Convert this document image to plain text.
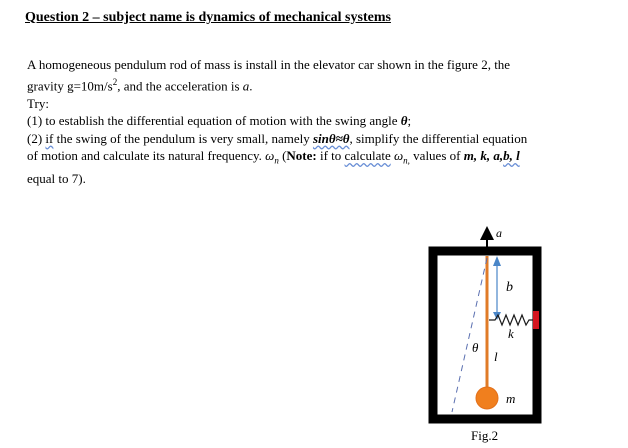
Question 2 – subject name is dynamics of mechanical systems

A homogeneous pendulum rod of mass is install in the elevator car shown in the figure 2, the

gravity $g=10m/s^2$, and the acceleration is a.

Try:

(1) to establish the differential equation of motion with the swing angle θ;

(2) if the swing of the pendulum is very small, namely sinθ≈θ, simplify the differential equation

of motion and calculate its natural frequency. $\omega_n$ (Note: if to calculate $\omega_{n,}$ values of m, k, a,b, l

equal to 7).

a
b
k
θ
l
m
Fig.2
